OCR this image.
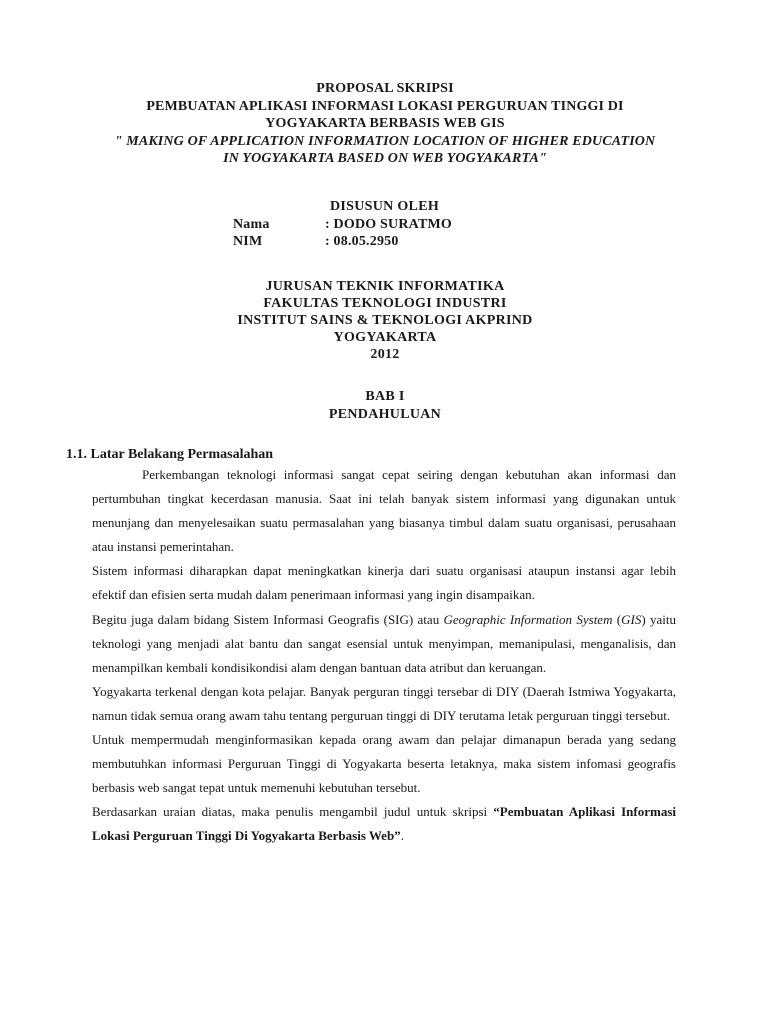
PROPOSAL SKRIPSI
PEMBUATAN APLIKASI INFORMASI LOKASI PERGURUAN TINGGI DI
YOGYAKARTA BERBASIS WEB GIS
" MAKING OF APPLICATION INFORMATION LOCATION OF HIGHER EDUCATION
IN YOGYAKARTA BASED ON WEB YOGYAKARTA"
DISUSUN OLEH
Nama	: DODO SURATMO
NIM	: 08.05.2950
JURUSAN TEKNIK INFORMATIKA
FAKULTAS TEKNOLOGI INDUSTRI
INSTITUT SAINS & TEKNOLOGI AKPRIND
YOGYAKARTA
2012
BAB I
PENDAHULUAN
1.1. Latar Belakang Permasalahan

Perkembangan teknologi informasi sangat cepat seiring dengan kebutuhan akan informasi dan pertumbuhan tingkat kecerdasan manusia. Saat ini telah banyak sistem informasi yang digunakan untuk menunjang dan menyelesaikan suatu permasalahan yang biasanya timbul dalam suatu organisasi, perusahaan atau instansi pemerintahan.

Sistem informasi diharapkan dapat meningkatkan kinerja dari suatu organisasi ataupun instansi agar lebih efektif dan efisien serta mudah dalam penerimaan informasi yang ingin disampaikan.

Begitu juga dalam bidang Sistem Informasi Geografis (SIG) atau Geographic Information System (GIS) yaitu teknologi yang menjadi alat bantu dan sangat esensial untuk menyimpan, memanipulasi, menganalisis, dan menampilkan kembali kondisikondisi alam dengan bantuan data atribut dan keruangan.

Yogyakarta terkenal dengan kota pelajar. Banyak perguran tinggi tersebar di DIY (Daerah Istmiwa Yogyakarta, namun tidak semua orang awam tahu tentang perguruan tinggi di DIY terutama letak perguruan tinggi tersebut.

Untuk mempermudah menginformasikan kepada orang awam dan pelajar dimanapun berada yang sedang membutuhkan informasi Perguruan Tinggi di Yogyakarta beserta letaknya, maka sistem infomasi geografis berbasis web sangat tepat untuk memenuhi kebutuhan tersebut.

Berdasarkan uraian diatas, maka penulis mengambil judul untuk skripsi “Pembuatan Aplikasi Informasi Lokasi Perguruan Tinggi Di Yogyakarta Berbasis Web”.
